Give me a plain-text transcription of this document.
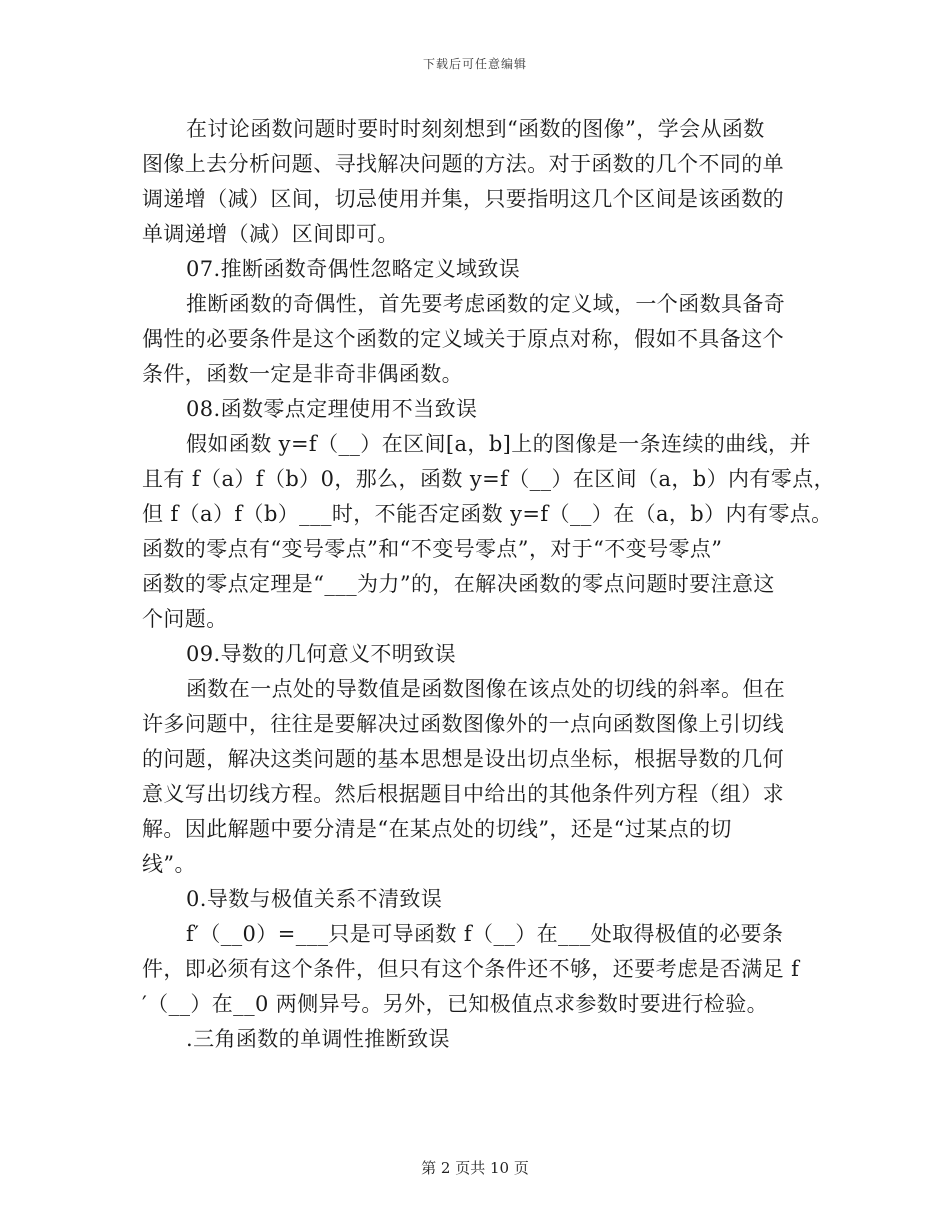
下载后可任意编辑
在讨论函数问题时要时时刻刻想到“函数的图像”，学会从函数
图像上去分析问题、寻找解决问题的方法。对于函数的几个不同的单
调递增（减）区间，切忌使用并集，只要指明这几个区间是该函数的
单调递增（减）区间即可。
07.推断函数奇偶性忽略定义域致误
推断函数的奇偶性，首先要考虑函数的定义域，一个函数具备奇
偶性的必要条件是这个函数的定义域关于原点对称，假如不具备这个
条件，函数一定是非奇非偶函数。
08.函数零点定理使用不当致误
假如函数 y=f（__）在区间[a，b]上的图像是一条连续的曲线，并
且有 f（a）f（b）0，那么，函数 y=f（__）在区间（a，b）内有零点，
但 f（a）f（b）___时，不能否定函数 y=f（__）在（a，b）内有零点。
函数的零点有“变号零点”和“不变号零点”，对于“不变号零点”
函数的零点定理是“___为力”的，在解决函数的零点问题时要注意这
个问题。
09.导数的几何意义不明致误
函数在一点处的导数值是函数图像在该点处的切线的斜率。但在
许多问题中，往往是要解决过函数图像外的一点向函数图像上引切线
的问题，解决这类问题的基本思想是设出切点坐标，根据导数的几何
意义写出切线方程。然后根据题目中给出的其他条件列方程（组）求
解。因此解题中要分清是“在某点处的切线”，还是“过某点的切
线”。
0.导数与极值关系不清致误
f′（__0）=___只是可导函数 f（__）在___处取得极值的必要条
件，即必须有这个条件，但只有这个条件还不够，还要考虑是否满足 f
′（__）在__0 两侧异号。另外，已知极值点求参数时要进行检验。
.三角函数的单调性推断致误
第 2 页共 10 页
